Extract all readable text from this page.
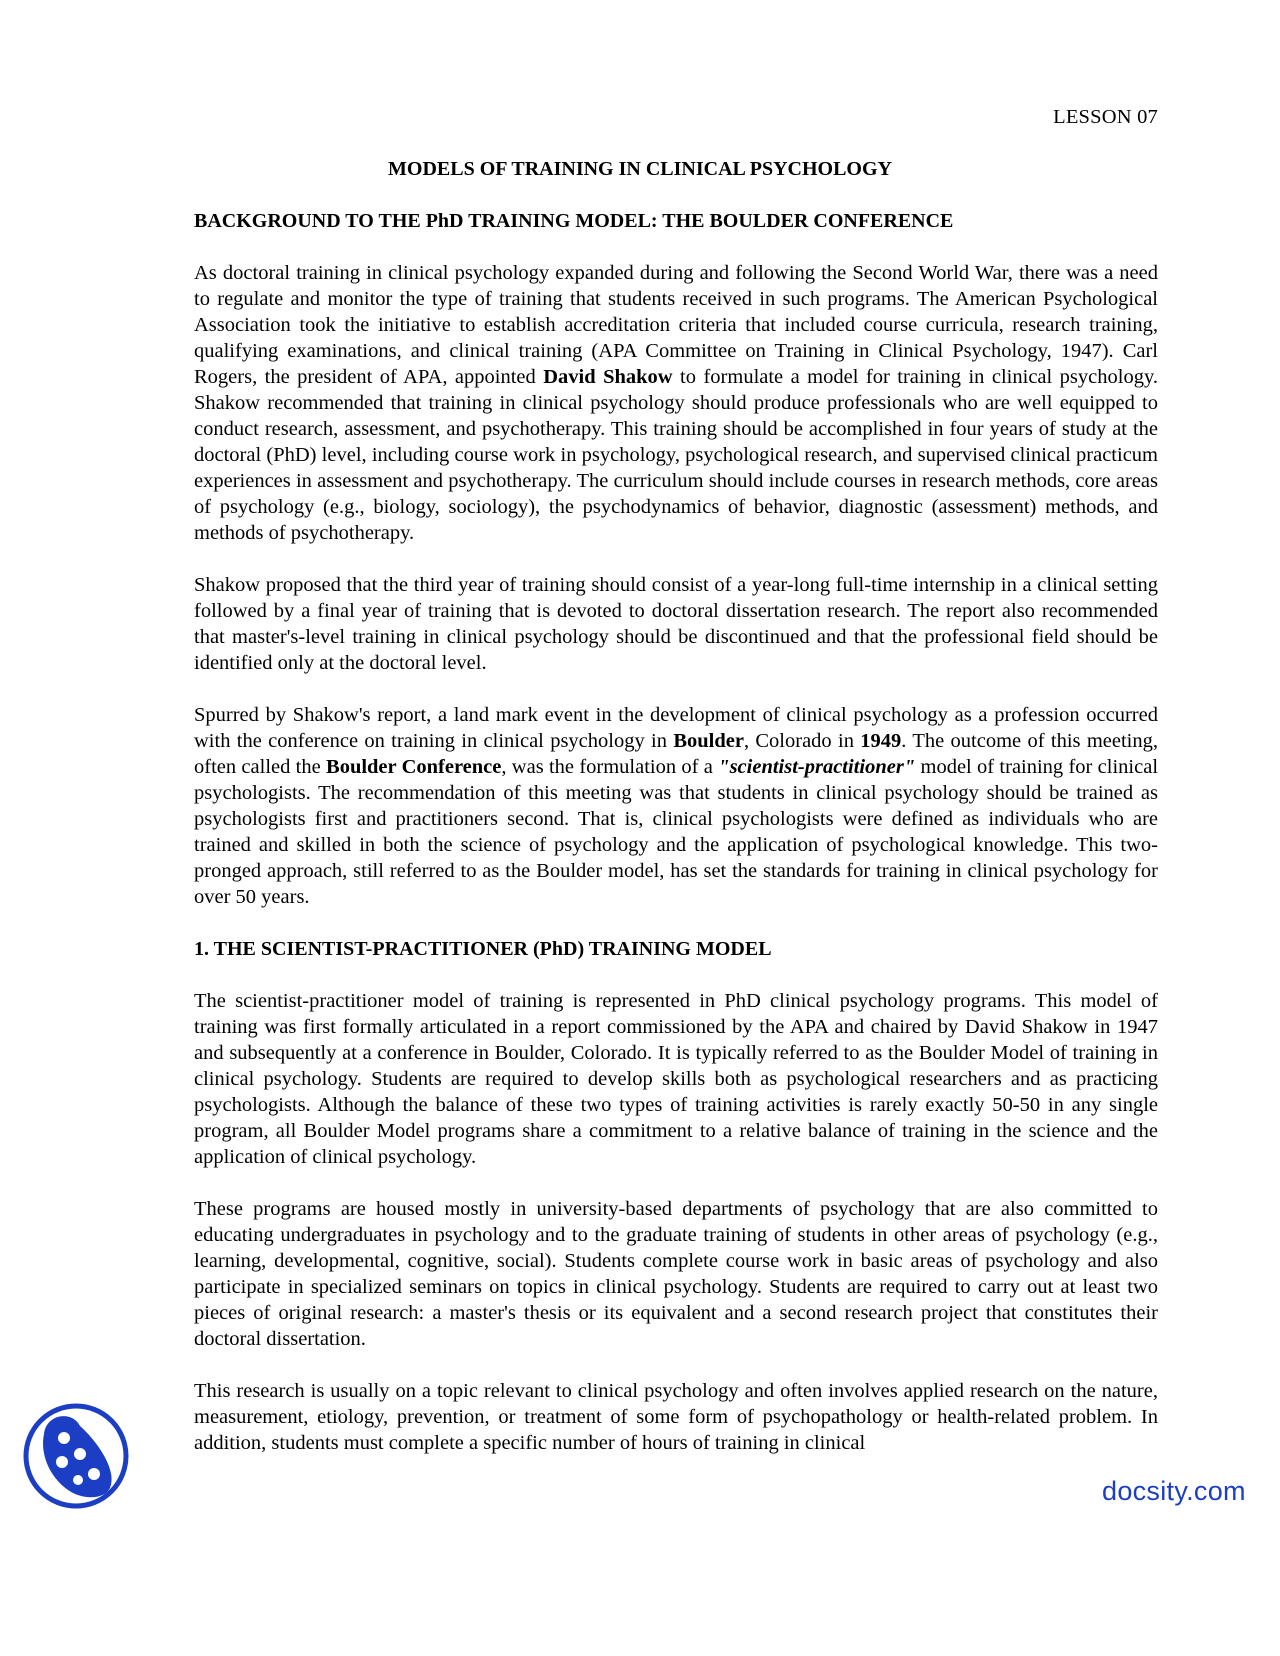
LESSON 07
MODELS OF TRAINING IN CLINICAL PSYCHOLOGY
BACKGROUND TO THE PhD TRAINING MODEL: THE BOULDER CONFERENCE

As doctoral training in clinical psychology expanded during and following the Second World War, there was a need to regulate and monitor the type of training that students received in such programs. The American Psychological Association took the initiative to establish accreditation criteria that included course curricula, research training, qualifying examinations, and clinical training (APA Committee on Training in Clinical Psychology, 1947). Carl Rogers, the president of APA, appointed David Shakow to formulate a model for training in clinical psychology. Shakow recommended that training in clinical psychology should produce professionals who are well equipped to conduct research, assessment, and psychotherapy. This training should be accomplished in four years of study at the doctoral (PhD) level, including course work in psychology, psychological research, and supervised clinical practicum experiences in assessment and psychotherapy. The curriculum should include courses in research methods, core areas of psychology (e.g., biology, sociology), the psychodynamics of behavior, diagnostic (assessment) methods, and methods of psychotherapy.

Shakow proposed that the third year of training should consist of a year-long full-time internship in a clinical setting followed by a final year of training that is devoted to doctoral dissertation research. The report also recommended that master's-level training in clinical psychology should be discontinued and that the professional field should be identified only at the doctoral level.

Spurred by Shakow's report, a land mark event in the development of clinical psychology as a profession occurred with the conference on training in clinical psychology in Boulder, Colorado in 1949. The outcome of this meeting, often called the Boulder Conference, was the formulation of a "scientist-practitioner" model of training for clinical psychologists. The recommendation of this meeting was that students in clinical psychology should be trained as psychologists first and practitioners second. That is, clinical psychologists were defined as individuals who are trained and skilled in both the science of psychology and the application of psychological knowledge. This two-pronged approach, still referred to as the Boulder model, has set the standards for training in clinical psychology for over 50 years.

1. THE SCIENTIST-PRACTITIONER (PhD) TRAINING MODEL

The scientist-practitioner model of training is represented in PhD clinical psychology programs. This model of training was first formally articulated in a report commissioned by the APA and chaired by David Shakow in 1947 and subsequently at a conference in Boulder, Colorado. It is typically referred to as the Boulder Model of training in clinical psychology. Students are required to develop skills both as psychological researchers and as practicing psychologists. Although the balance of these two types of training activities is rarely exactly 50-50 in any single program, all Boulder Model programs share a commitment to a relative balance of training in the science and the application of clinical psychology.

These programs are housed mostly in university-based departments of psychology that are also committed to educating undergraduates in psychology and to the graduate training of students in other areas of psychology (e.g., learning, developmental, cognitive, social). Students complete course work in basic areas of psychology and also participate in specialized seminars on topics in clinical psychology. Students are required to carry out at least two pieces of original research: a master's thesis or its equivalent and a second research project that constitutes their doctoral dissertation.

This research is usually on a topic relevant to clinical psychology and often involves applied research on the nature, measurement, etiology, prevention, or treatment of some form of psychopathology or health-related problem. In addition, students must complete a specific number of hours of training in clinical

docsity.com
